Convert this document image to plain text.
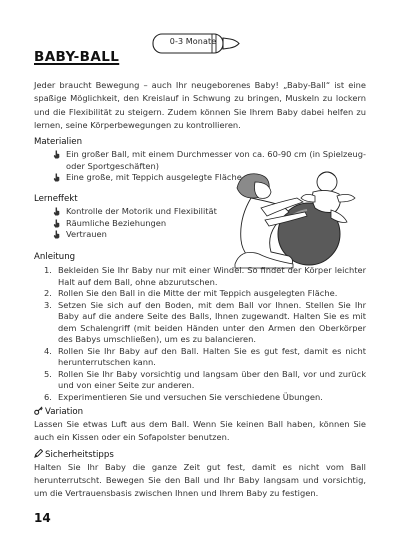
0-3 Monate
BABY-BALL
Jeder braucht Bewegung – auch Ihr neugeborenes Baby! „Baby-Ball“ ist eine spaßige Möglichkeit, den Kreislauf in Schwung zu bringen, Muskeln zu lockern und die Flexibilität zu steigern. Zudem können Sie Ihrem Baby dabei helfen zu lernen, seine Körperbewegungen zu kontrollieren.
Materialien
Ein großer Ball, mit einem Durchmesser von ca. 60-90 cm (in Spielzeug- oder Sportgeschäften)
Eine große, mit Teppich ausgelegte Fläche
Lerneffekt
Kontrolle der Motorik und Flexibilität
Räumliche Beziehungen
Vertrauen
Anleitung
1. Bekleiden Sie Ihr Baby nur mit einer Windel. So findet der Körper leichter Halt auf dem Ball, ohne abzurutschen.
2. Rollen Sie den Ball in die Mitte der mit Teppich ausgelegten Fläche.
3. Setzen Sie sich auf den Boden, mit dem Ball vor Ihnen. Stellen Sie Ihr Baby auf die andere Seite des Balls, Ihnen zugewandt. Halten Sie es mit dem Schalengriff (mit beiden Händen unter den Armen den Oberkörper des Babys umschließen), um es zu balancieren.
4. Rollen Sie Ihr Baby auf den Ball. Halten Sie es gut fest, damit es nicht herunterrutschen kann.
5. Rollen Sie Ihr Baby vorsichtig und langsam über den Ball, vor und zurück und von einer Seite zur anderen.
6. Experimentieren Sie und versuchen Sie verschiedene Übungen.
Variation
Lassen Sie etwas Luft aus dem Ball. Wenn Sie keinen Ball haben, können Sie auch ein Kissen oder ein Sofapolster benutzen.
Sicherheitstipps
Halten Sie Ihr Baby die ganze Zeit gut fest, damit es nicht vom Ball herunterrutscht. Bewegen Sie den Ball und Ihr Baby langsam und vorsichtig, um die Vertrauensbasis zwischen Ihnen und Ihrem Baby zu festigen.
14
